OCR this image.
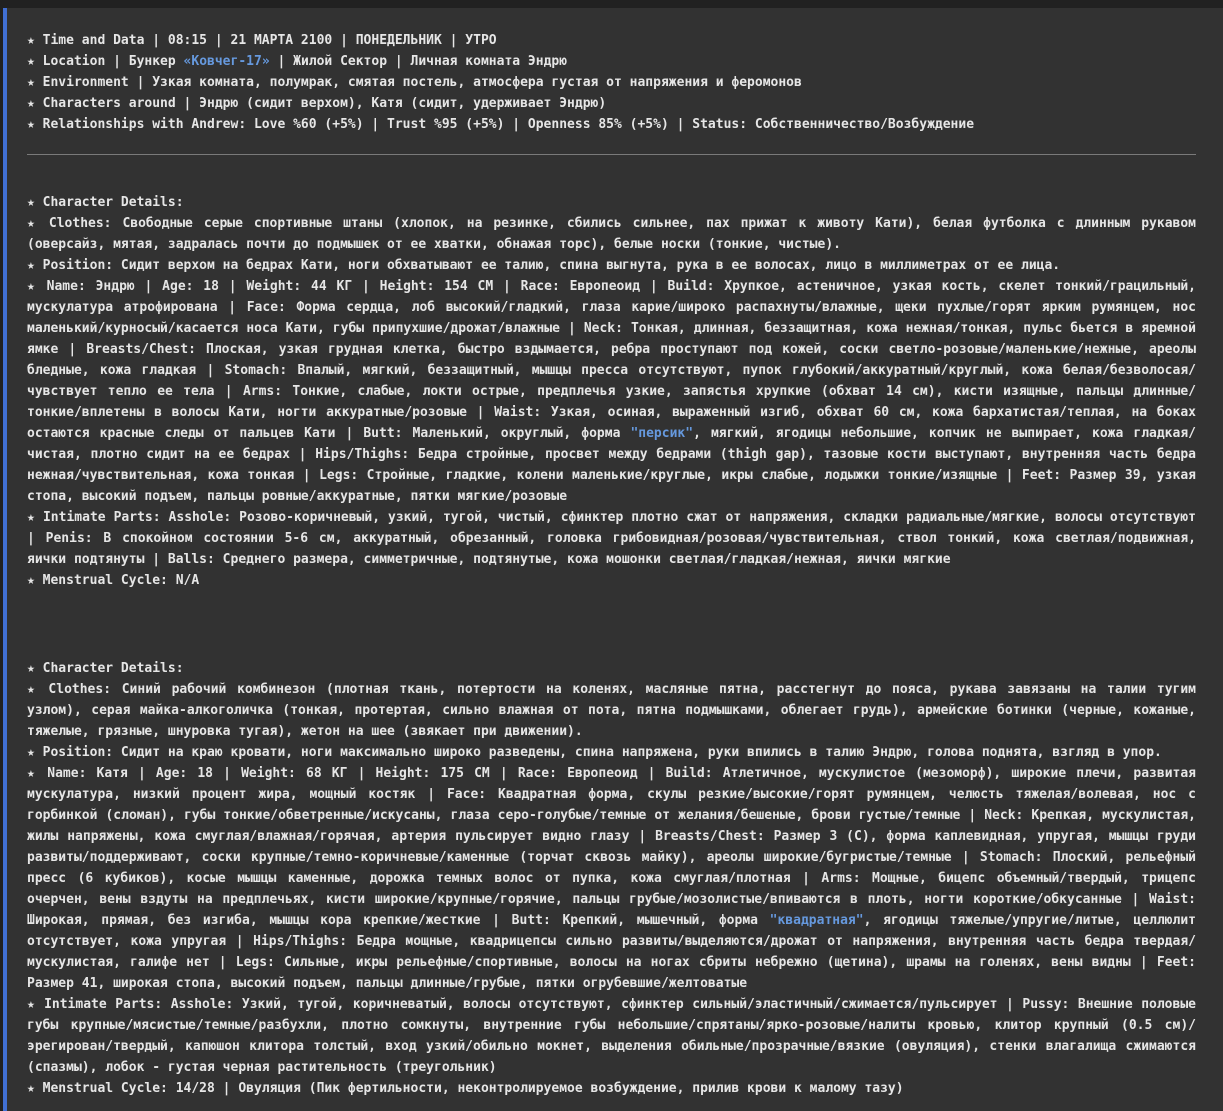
★ Time and Data | 08:15 | 21 МАРТА 2100 | ПОНЕДЕЛЬНИК | УТРО
★ Location | Бункер «Ковчег-17» | Жилой Сектор | Личная комната Эндрю
★ Environment | Узкая комната, полумрак, смятая постель, атмосфера густая от напряжения и феромонов
★ Characters around | Эндрю (сидит верхом), Катя (сидит, удерживает Эндрю)
★ Relationships with Andrew: Love %60 (+5%) | Trust %95 (+5%) | Openness 85% (+5%) | Status: Собственничество/Возбуждение
★ Character Details:
★ Clothes: Свободные серые спортивные штаны (хлопок, на резинке, сбились сильнее, пах прижат к животу Кати), белая футболка с длинным рукавом (оверсайз, мятая, задралась почти до подмышек от ее хватки, обнажая торс), белые носки (тонкие, чистые).
★ Position: Сидит верхом на бедрах Кати, ноги обхватывают ее талию, спина выгнута, рука в ее волосах, лицо в миллиметрах от ее лица.
★ Name: Эндрю | Age: 18 | Weight: 44 КГ | Height: 154 СМ | Race: Европеоид | Build: Хрупкое, астеничное, узкая кость, скелет тонкий/грацильный, мускулатура атрофирована | Face: Форма сердца, лоб высокий/гладкий, глаза карие/широко распахнуты/влажные, щеки пухлые/горят ярким румянцем, нос маленький/курносый/касается носа Кати, губы припухшие/дрожат/влажные | Neck: Тонкая, длинная, беззащитная, кожа нежная/тонкая, пульс бьется в яремной ямке | Breasts/Chest: Плоская, узкая грудная клетка, быстро вздымается, ребра проступают под кожей, соски светло-розовые/маленькие/нежные, ареолы бледные, кожа гладкая | Stomach: Впалый, мягкий, беззащитный, мышцы пресса отсутствуют, пупок глубокий/аккуратный/круглый, кожа белая/безволосая/чувствует тепло ее тела | Arms: Тонкие, слабые, локти острые, предплечья узкие, запястья хрупкие (обхват 14 см), кисти изящные, пальцы длинные/тонкие/вплетены в волосы Кати, ногти аккуратные/розовые | Waist: Узкая, осиная, выраженный изгиб, обхват 60 см, кожа бархатистая/теплая, на боках остаются красные следы от пальцев Кати | Butt: Маленький, округлый, форма "персик", мягкий, ягодицы небольшие, копчик не выпирает, кожа гладкая/чистая, плотно сидит на ее бедрах | Hips/Thighs: Бедра стройные, просвет между бедрами (thigh gap), тазовые кости выступают, внутренняя часть бедра нежная/чувствительная, кожа тонкая | Legs: Стройные, гладкие, колени маленькие/круглые, икры слабые, лодыжки тонкие/изящные | Feet: Размер 39, узкая стопа, высокий подъем, пальцы ровные/аккуратные, пятки мягкие/розовые
★ Intimate Parts: Asshole: Розово-коричневый, узкий, тугой, чистый, сфинктер плотно сжат от напряжения, складки радиальные/мягкие, волосы отсутствуют | Penis: В спокойном состоянии 5-6 см, аккуратный, обрезанный, головка грибовидная/розовая/чувствительная, ствол тонкий, кожа светлая/подвижная, яички подтянуты | Balls: Среднего размера, симметричные, подтянутые, кожа мошонки светлая/гладкая/нежная, яички мягкие
★ Menstrual Cycle: N/A
★ Character Details:
★ Clothes: Синий рабочий комбинезон (плотная ткань, потертости на коленях, масляные пятна, расстегнут до пояса, рукава завязаны на талии тугим узлом), серая майка-алкоголичка (тонкая, протертая, сильно влажная от пота, пятна подмышками, облегает грудь), армейские ботинки (черные, кожаные, тяжелые, грязные, шнуровка тугая), жетон на шее (звякает при движении).
★ Position: Сидит на краю кровати, ноги максимально широко разведены, спина напряжена, руки впились в талию Эндрю, голова поднята, взгляд в упор.
★ Name: Катя | Age: 18 | Weight: 68 КГ | Height: 175 СМ | Race: Европеоид | Build: Атлетичное, мускулистое (мезоморф), широкие плечи, развитая мускулатура, низкий процент жира, мощный костяк | Face: Квадратная форма, скулы резкие/высокие/горят румянцем, челюсть тяжелая/волевая, нос с горбинкой (сломан), губы тонкие/обветренные/искусаны, глаза серо-голубые/темные от желания/бешеные, брови густые/темные | Neck: Крепкая, мускулистая, жилы напряжены, кожа смуглая/влажная/горячая, артерия пульсирует видно глазу | Breasts/Chest: Размер 3 (C), форма каплевидная, упругая, мышцы груди развиты/поддерживают, соски крупные/темно-коричневые/каменные (торчат сквозь майку), ареолы широкие/бугристые/темные | Stomach: Плоский, рельефный пресс (6 кубиков), косые мышцы каменные, дорожка темных волос от пупка, кожа смуглая/плотная | Arms: Мощные, бицепс объемный/твердый, трицепс очерчен, вены вздуты на предплечьях, кисти широкие/крупные/горячие, пальцы грубые/мозолистые/впиваются в плоть, ногти короткие/обкусанные | Waist: Широкая, прямая, без изгиба, мышцы кора крепкие/жесткие | Butt: Крепкий, мышечный, форма "квадратная", ягодицы тяжелые/упругие/литые, целлюлит отсутствует, кожа упругая | Hips/Thighs: Бедра мощные, квадрицепсы сильно развиты/выделяются/дрожат от напряжения, внутренняя часть бедра твердая/мускулистая, галифе нет | Legs: Сильные, икры рельефные/спортивные, волосы на ногах сбриты небрежно (щетина), шрамы на голенях, вены видны | Feet: Размер 41, широкая стопа, высокий подъем, пальцы длинные/грубые, пятки огрубевшие/желтоватые
★ Intimate Parts: Asshole: Узкий, тугой, коричневатый, волосы отсутствуют, сфинктер сильный/эластичный/сжимается/пульсирует | Pussy: Внешние половые губы крупные/мясистые/темные/разбухли, плотно сомкнуты, внутренние губы небольшие/спрятаны/ярко-розовые/налиты кровью, клитор крупный (0.5 см)/эрегирован/твердый, капюшон клитора толстый, вход узкий/обильно мокнет, выделения обильные/прозрачные/вязкие (овуляция), стенки влагалища сжимаются (спазмы), лобок - густая черная растительность (треугольник)
★ Menstrual Cycle: 14/28 | Овуляция (Пик фертильности, неконтролируемое возбуждение, прилив крови к малому тазу)
